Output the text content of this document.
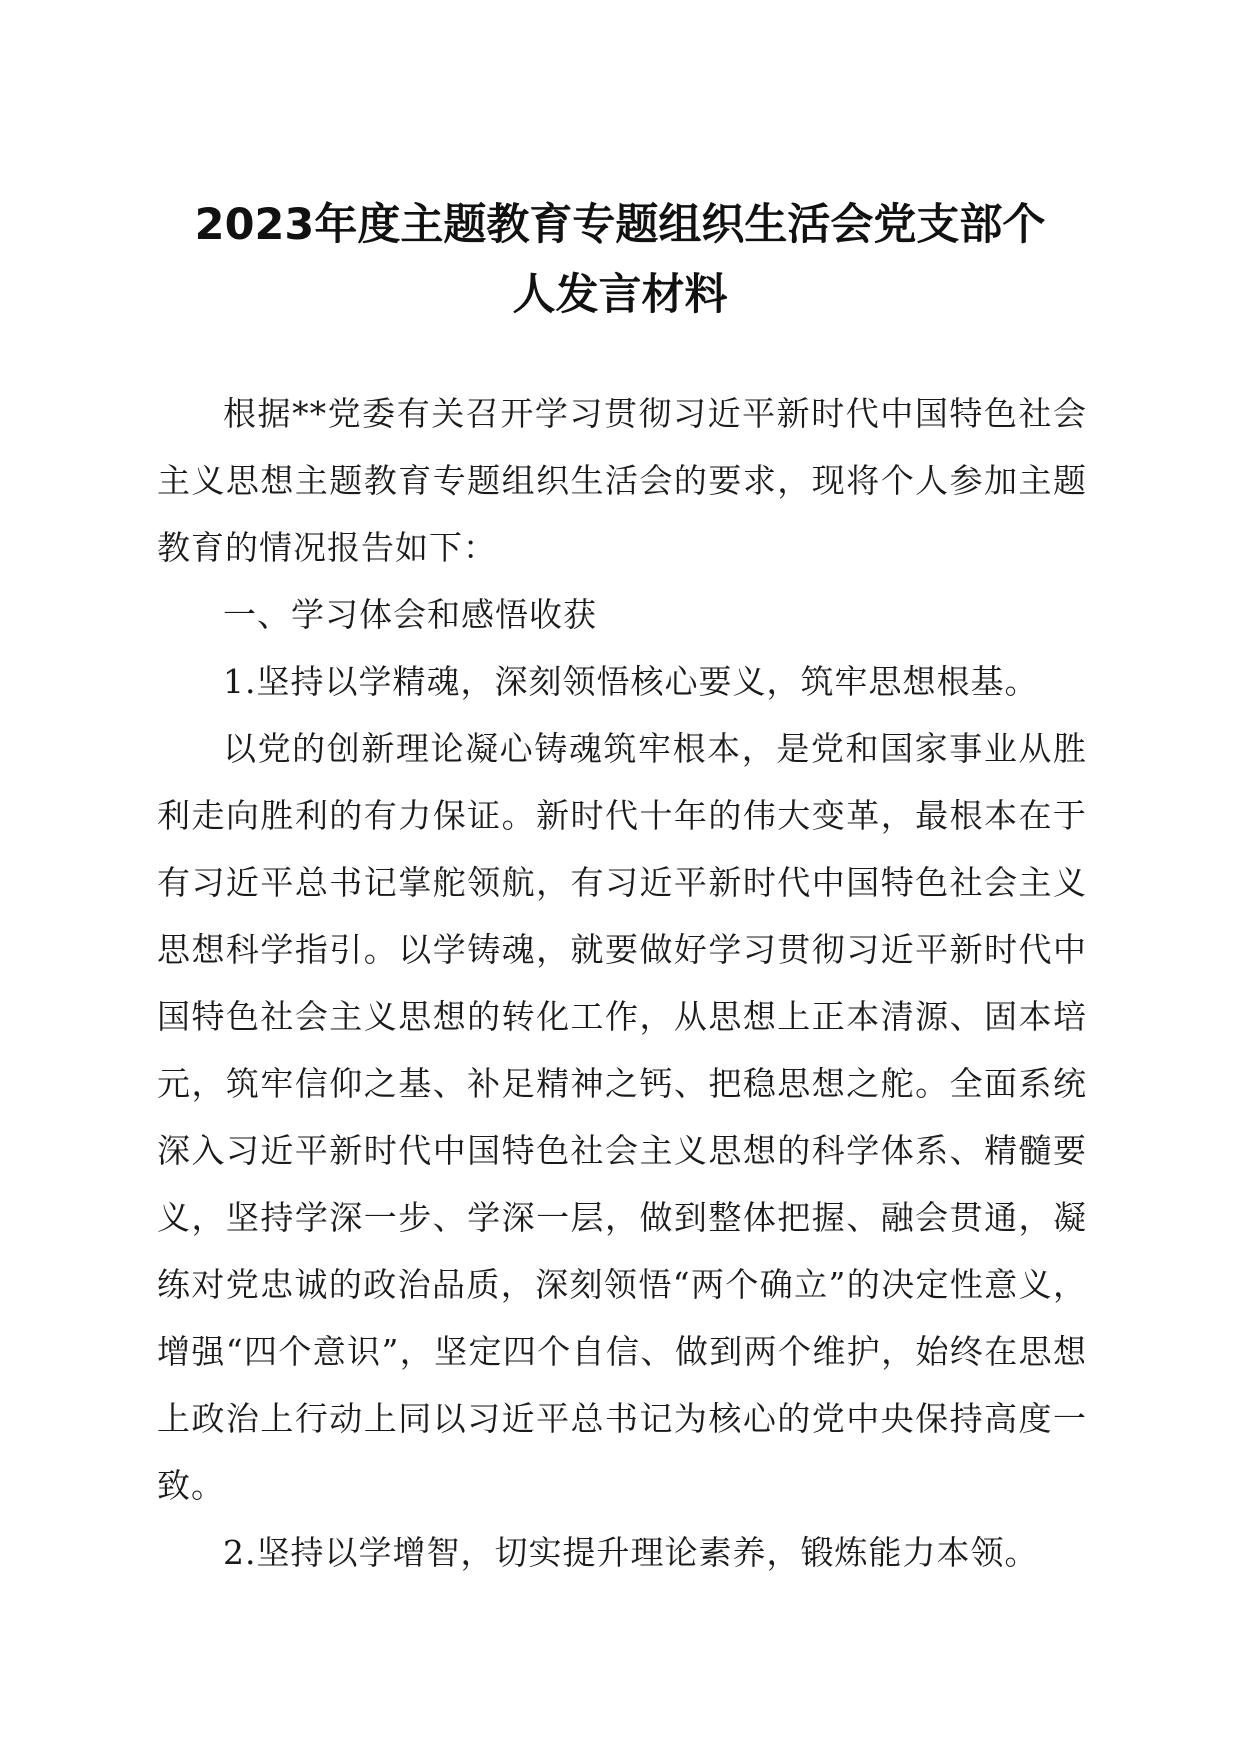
2023年度主题教育专题组织生活会党支部个
人发言材料

根据**党委有关召开学习贯彻习近平新时代中国特色社会主义思想主题教育专题组织生活会的要求，现将个人参加主题教育的情况报告如下：

一、学习体会和感悟收获

1.坚持以学精魂，深刻领悟核心要义，筑牢思想根基。

以党的创新理论凝心铸魂筑牢根本，是党和国家事业从胜利走向胜利的有力保证。新时代十年的伟大变革，最根本在于有习近平总书记掌舵领航，有习近平新时代中国特色社会主义思想科学指引。以学铸魂，就要做好学习贯彻习近平新时代中国特色社会主义思想的转化工作，从思想上正本清源、固本培元，筑牢信仰之基、补足精神之钙、把稳思想之舵。全面系统深入习近平新时代中国特色社会主义思想的科学体系、精髓要义，坚持学深一步、学深一层，做到整体把握、融会贯通，凝练对党忠诚的政治品质，深刻领悟“两个确立”的决定性意义，增强“四个意识”，坚定四个自信、做到两个维护，始终在思想上政治上行动上同以习近平总书记为核心的党中央保持高度一致。

2.坚持以学增智，切实提升理论素养，锻炼能力本领。
